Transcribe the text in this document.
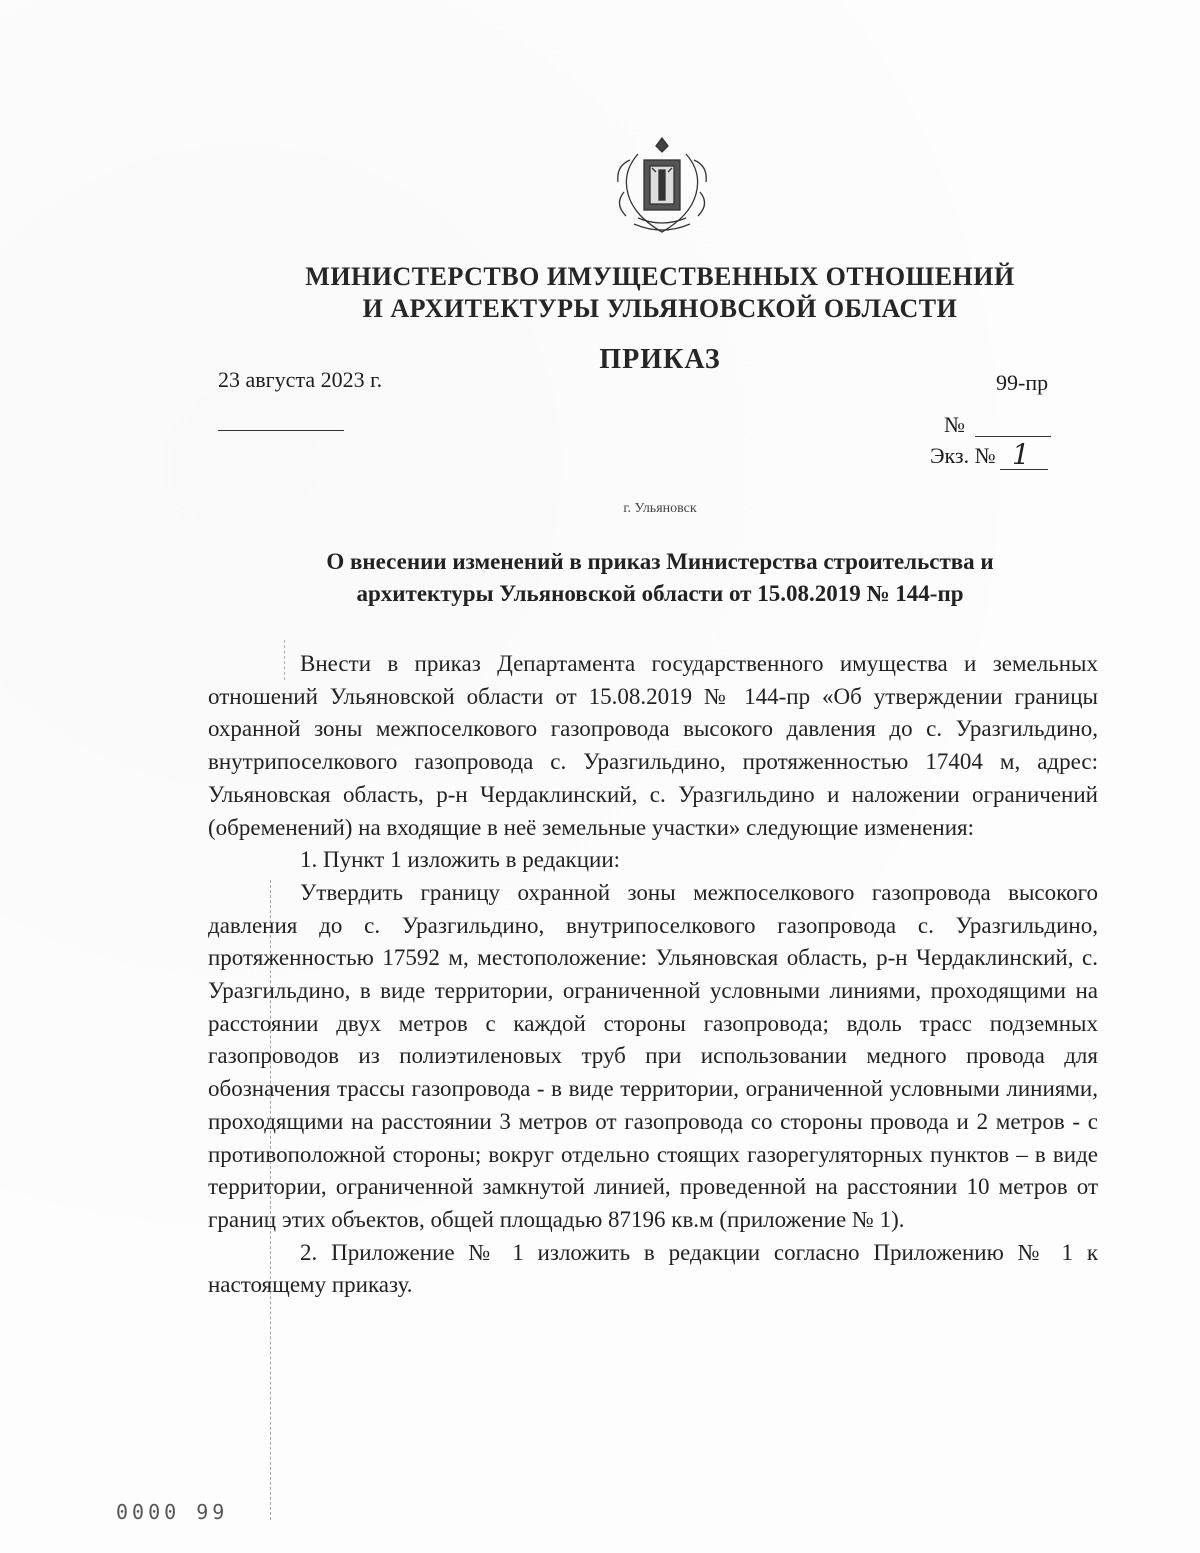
МИНИСТЕРСТВО ИМУЩЕСТВЕННЫХ ОТНОШЕНИЙ
И АРХИТЕКТУРЫ УЛЬЯНОВСКОЙ ОБЛАСТИ
ПРИКАЗ
23 августа 2023 г.	99-пр
№
Экз. № 1
г. Ульяновск
О внесении изменений в приказ Министерства строительства и
архитектуры Ульяновской области от 15.08.2019 № 144-пр

Внести в приказ Департамента государственного имущества и земельных отношений Ульяновской области от 15.08.2019 № 144-пр «Об утверждении границы охранной зоны межпоселкового газопровода высокого давления до с. Уразгильдино, внутрипоселкового газопровода с. Уразгильдино, протяженностью 17404 м, адрес: Ульяновская область, р-н Чердаклинский, с. Уразгильдино и наложении ограничений (обременений) на входящие в неё земельные участки» следующие изменения:

1. Пункт 1 изложить в редакции:

Утвердить границу охранной зоны межпоселкового газопровода высокого давления до с. Уразгильдино, внутрипоселкового газопровода с. Уразгильдино, протяженностью 17592 м, местоположение: Ульяновская область, р-н Чердаклинский, с. Уразгильдино, в виде территории, ограниченной условными линиями, проходящими на расстоянии двух метров с каждой стороны газопровода; вдоль трасс подземных газопроводов из полиэтиленовых труб при использовании медного провода для обозначения трассы газопровода - в виде территории, ограниченной условными линиями, проходящими на расстоянии 3 метров от газопровода со стороны провода и 2 метров - с противоположной стороны; вокруг отдельно стоящих газорегуляторных пунктов – в виде территории, ограниченной замкнутой линией, проведенной на расстоянии 10 метров от границ этих объектов, общей площадью 87196 кв.м (приложение № 1).

2. Приложение № 1 изложить в редакции согласно Приложению № 1 к настоящему приказу.

0000 99
